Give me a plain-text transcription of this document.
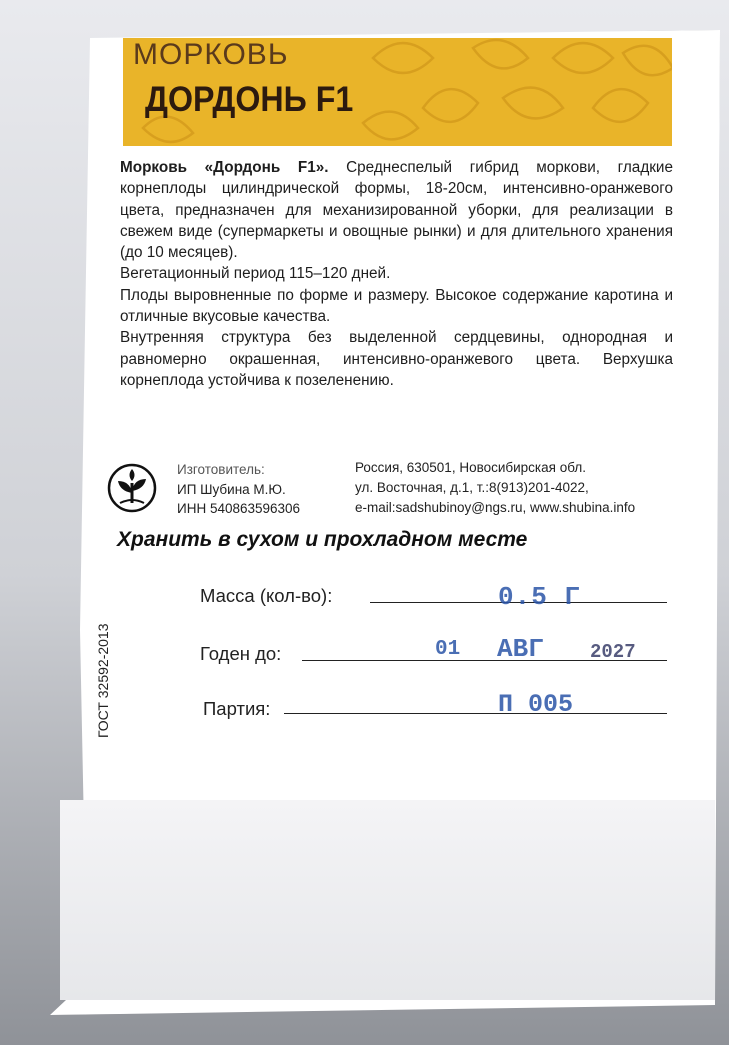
МОРКОВЬ

ДОРДОНЬ F1

Морковь «Дордонь F1». Среднеспелый гибрид моркови, гладкие корнеплоды цилиндрической формы, 18-20см, интенсивно-оранжевого цвета, предназначен для механизированной уборки, для реализации в свежем виде (супермаркеты и овощные рынки) и для длительного хранения (до 10 месяцев).

Вегетационный период 115–120 дней.

Плоды выровненные по форме и размеру. Высокое содержание каротина и отличные вкусовые качества.

Внутренняя структура без выделенной сердцевины, однородная и равномерно окрашенная, интенсивно-оранжевого цвета. Верхушка корнеплода устойчива к позеленению.

Изготовитель:
ИП Шубина М.Ю.
ИНН 540863596306
Россия, 630501, Новосибирская обл.
ул. Восточная, д.1, т.:8(913)201-4022,
e-mail:sadshubinoy@ngs.ru, www.shubina.info

Хранить в сухом и прохладном месте

ГОСТ 32592-2013
Масса (кол-во):	0.5 Г
Годен до:	01 АВГ 2027
Партия:	П 005
